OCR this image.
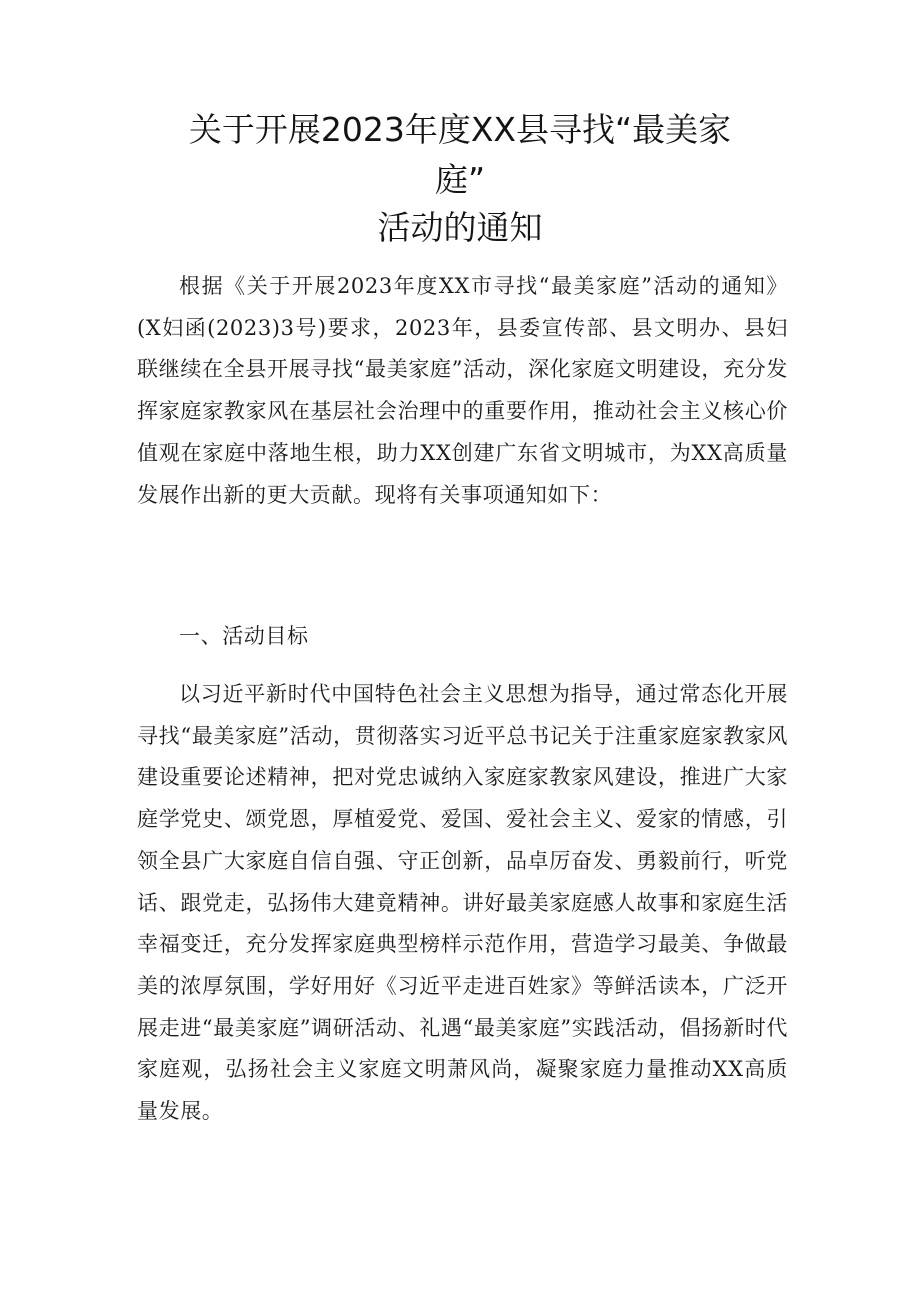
关于开展2023年度XX县寻找“最美家
庭”
活动的通知

根据《关于开展2023年度XX市寻找“最美家庭”活动的通知》(X妇函(2023)3号)要求，2023年，县委宣传部、县文明办、县妇联继续在全县开展寻找“最美家庭”活动，深化家庭文明建设，充分发挥家庭家教家风在基层社会治理中的重要作用，推动社会主义核心价值观在家庭中落地生根，助力XX创建广东省文明城市，为XX高质量发展作出新的更大贡献。现将有关事项通知如下：

一、活动目标

以习近平新时代中国特色社会主义思想为指导，通过常态化开展寻找“最美家庭”活动，贯彻落实习近平总书记关于注重家庭家教家风建设重要论述精神，把对党忠诚纳入家庭家教家风建设，推进广大家庭学党史、颂党恩，厚植爱党、爱国、爱社会主义、爱家的情感，引领全县广大家庭自信自强、守正创新，品卓厉奋发、勇毅前行，听党话、跟党走，弘扬伟大建竟精神。讲好最美家庭感人故事和家庭生活幸福变迁，充分发挥家庭典型榜样示范作用，营造学习最美、争做最美的浓厚氛围，学好用好《习近平走进百姓家》等鲜活读本，广泛开展走进“最美家庭”调研活动、礼遇“最美家庭”实践活动，倡扬新时代家庭观，弘扬社会主义家庭文明萧风尚，凝聚家庭力量推动XX高质量发展。
